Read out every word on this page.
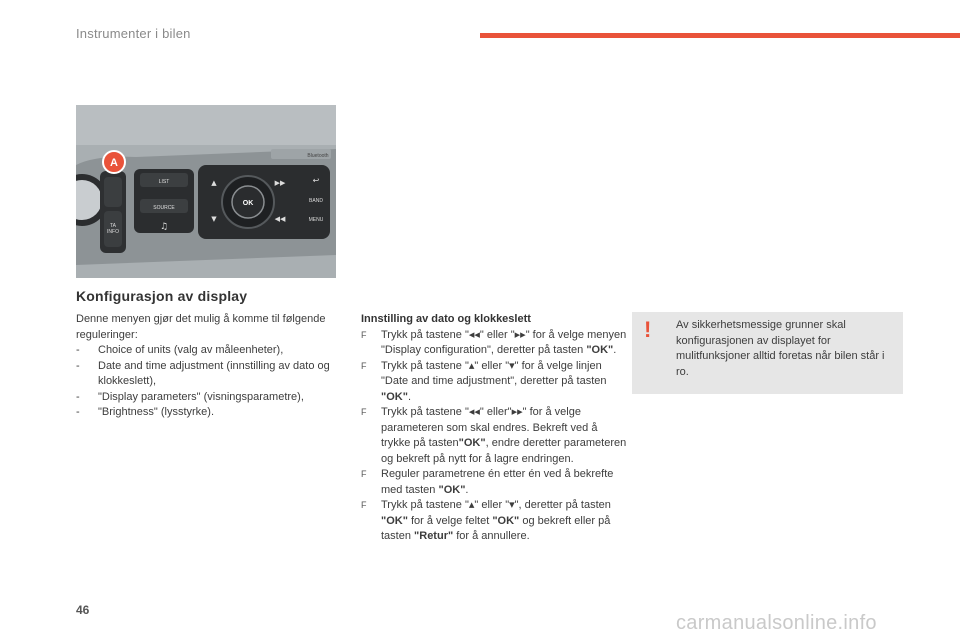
Instrumenter i bilen
TA
INFO
A
LIST
SOURCE
♫
OK
▲
▼
▶▶
◀◀
↩
BAND
MENU
Bluetooth
Konfigurasjon av display

Denne menyen gjør det mulig å komme til følgende reguleringer:

- Choice of units (valg av måleenheter),
- Date and time adjustment (innstilling av dato og klokkeslett),
- "Display parameters" (visningsparametre),
- "Brightness" (lysstyrke).
Innstilling av dato og klokkeslett
F Trykk på tastene "◂◂" eller "▸▸" for å velge menyen "Display configuration", deretter på tasten "OK".
F Trykk på tastene "▴" eller "▾" for å velge linjen "Date and time adjustment", deretter på tasten "OK".
F Trykk på tastene "◂◂" eller"▸▸" for å velge parameteren som skal endres. Bekreft ved å trykke på tasten"OK", endre deretter parameteren og bekreft på nytt for å lagre endringen.
F Reguler parametrene én etter én ved å bekrefte med tasten "OK".
F Trykk på tastene "▴" eller "▾", deretter på tasten "OK" for å velge feltet "OK" og bekreft eller på tasten "Retur" for å annullere.
! Av sikkerhetsmessige grunner skal konfigurasjonen av displayet for mulitfunksjoner alltid foretas når bilen står i ro.
46
carmanualsonline.info
